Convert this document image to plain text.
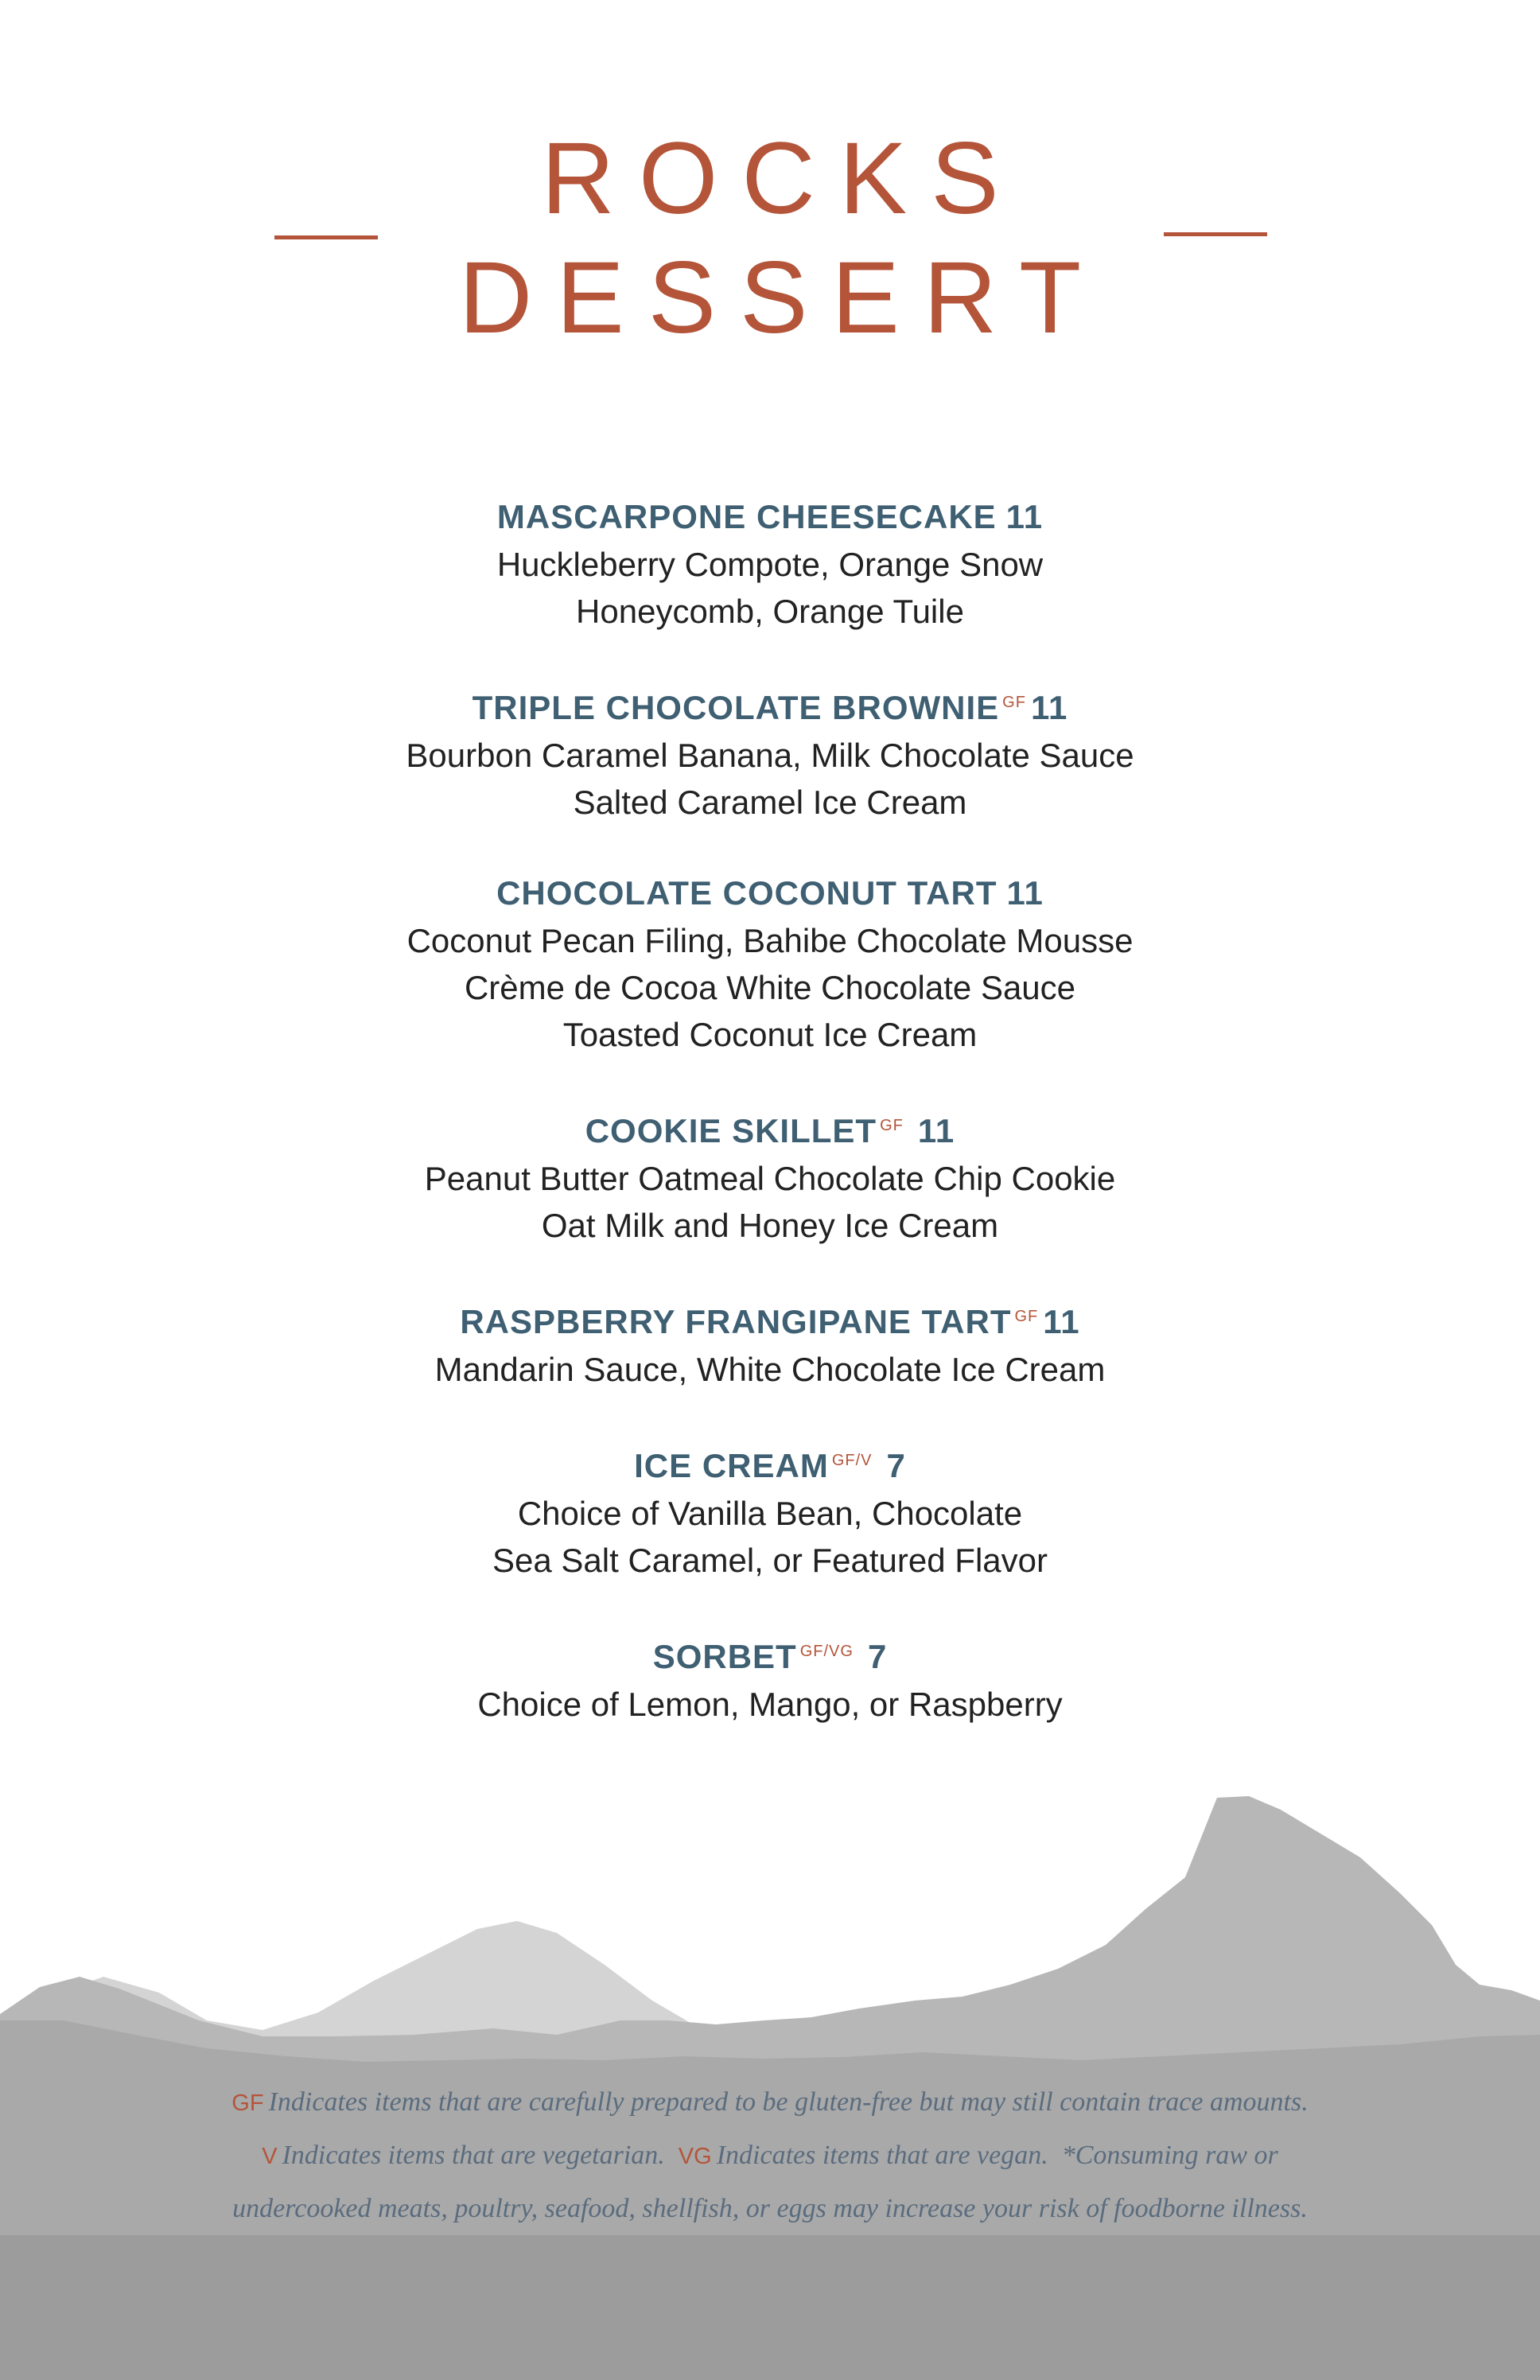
ROCKS
DESSERT
MASCARPONE CHEESECAKE 11
Huckleberry Compote, Orange Snow
Honeycomb, Orange Tuile
TRIPLE CHOCOLATE BROWNIE $^{GF}$ 11
Bourbon Caramel Banana, Milk Chocolate Sauce
Salted Caramel Ice Cream
CHOCOLATE COCONUT TART 11
Coconut Pecan Filing, Bahibe Chocolate Mousse
Crème de Cocoa White Chocolate Sauce
Toasted Coconut Ice Cream
COOKIE SKILLET $^{GF}$ 11
Peanut Butter Oatmeal Chocolate Chip Cookie
Oat Milk and Honey Ice Cream
RASPBERRY FRANGIPANE TART $^{GF}$ 11
Mandarin Sauce, White Chocolate Ice Cream
ICE CREAM $^{GF/V}$ 7
Choice of Vanilla Bean, Chocolate
Sea Salt Caramel, or Featured Flavor
SORBET $^{GF/VG}$ 7
Choice of Lemon, Mango, or Raspberry
GF Indicates items that are carefully prepared to be gluten-free but may still contain trace amounts.
V Indicates items that are vegetarian. VG Indicates items that are vegan. *Consuming raw or
undercooked meats, poultry, seafood, shellfish, or eggs may increase your risk of foodborne illness.
